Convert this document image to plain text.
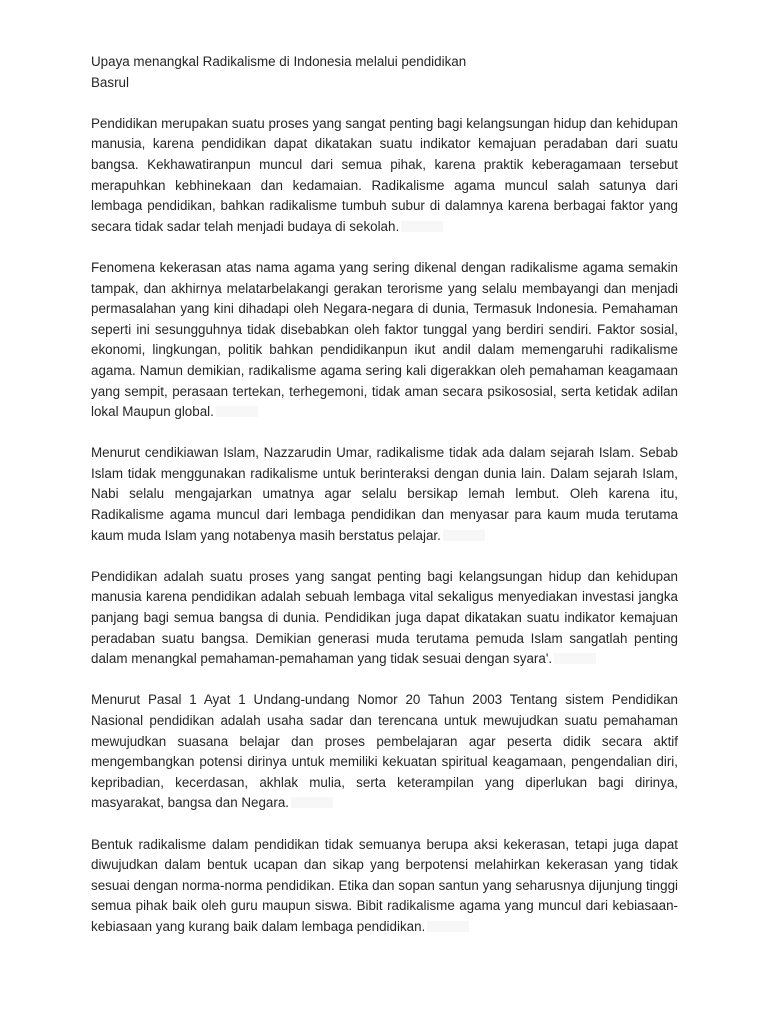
Upaya menangkal Radikalisme di Indonesia melalui pendidikan

Basrul

Pendidikan merupakan suatu proses yang sangat penting bagi kelangsungan hidup dan kehidupan manusia, karena pendidikan dapat dikatakan suatu indikator kemajuan peradaban dari suatu bangsa. Kekhawatiranpun muncul dari semua pihak, karena praktik keberagamaan tersebut merapuhkan kebhinekaan dan kedamaian. Radikalisme agama muncul salah satunya dari lembaga pendidikan, bahkan radikalisme tumbuh subur di dalamnya karena berbagai faktor yang secara tidak sadar telah menjadi budaya di sekolah.

Fenomena kekerasan atas nama agama yang sering dikenal dengan radikalisme agama semakin tampak, dan akhirnya melatarbelakangi gerakan terorisme yang selalu membayangi dan menjadi permasalahan yang kini dihadapi oleh Negara-negara di dunia, Termasuk Indonesia. Pemahaman seperti ini sesungguhnya tidak disebabkan oleh faktor tunggal yang berdiri sendiri. Faktor sosial, ekonomi, lingkungan, politik bahkan pendidikanpun ikut andil dalam memengaruhi radikalisme agama. Namun demikian, radikalisme agama sering kali digerakkan oleh pemahaman keagamaan yang sempit, perasaan tertekan, terhegemoni, tidak aman secara psikososial, serta ketidak adilan lokal Maupun global.

Menurut cendikiawan Islam, Nazzarudin Umar, radikalisme tidak ada dalam sejarah Islam. Sebab Islam tidak menggunakan radikalisme untuk berinteraksi dengan dunia lain. Dalam sejarah Islam, Nabi selalu mengajarkan umatnya agar selalu bersikap lemah lembut. Oleh karena itu, Radikalisme agama muncul dari lembaga pendidikan dan menyasar para kaum muda terutama kaum muda Islam yang notabenya masih berstatus pelajar.

Pendidikan adalah suatu proses yang sangat penting bagi kelangsungan hidup dan kehidupan manusia karena pendidikan adalah sebuah lembaga vital sekaligus menyediakan investasi jangka panjang bagi semua bangsa di dunia. Pendidikan juga dapat dikatakan suatu indikator kemajuan peradaban suatu bangsa. Demikian generasi muda terutama pemuda Islam sangatlah penting dalam menangkal pemahaman-pemahaman yang tidak sesuai dengan syara'.

Menurut Pasal 1 Ayat 1 Undang-undang Nomor 20 Tahun 2003 Tentang sistem Pendidikan Nasional pendidikan adalah usaha sadar dan terencana untuk mewujudkan suatu pemahaman mewujudkan suasana belajar dan proses pembelajaran agar peserta didik secara aktif mengembangkan potensi dirinya untuk memiliki kekuatan spiritual keagamaan, pengendalian diri, kepribadian, kecerdasan, akhlak mulia, serta keterampilan yang diperlukan bagi dirinya, masyarakat, bangsa dan Negara.

Bentuk radikalisme dalam pendidikan tidak semuanya berupa aksi kekerasan, tetapi juga dapat diwujudkan dalam bentuk ucapan dan sikap yang berpotensi melahirkan kekerasan yang tidak sesuai dengan norma-norma pendidikan. Etika dan sopan santun yang seharusnya dijunjung tinggi semua pihak baik oleh guru maupun siswa. Bibit radikalisme agama yang muncul dari kebiasaan-kebiasaan yang kurang baik dalam lembaga pendidikan.
